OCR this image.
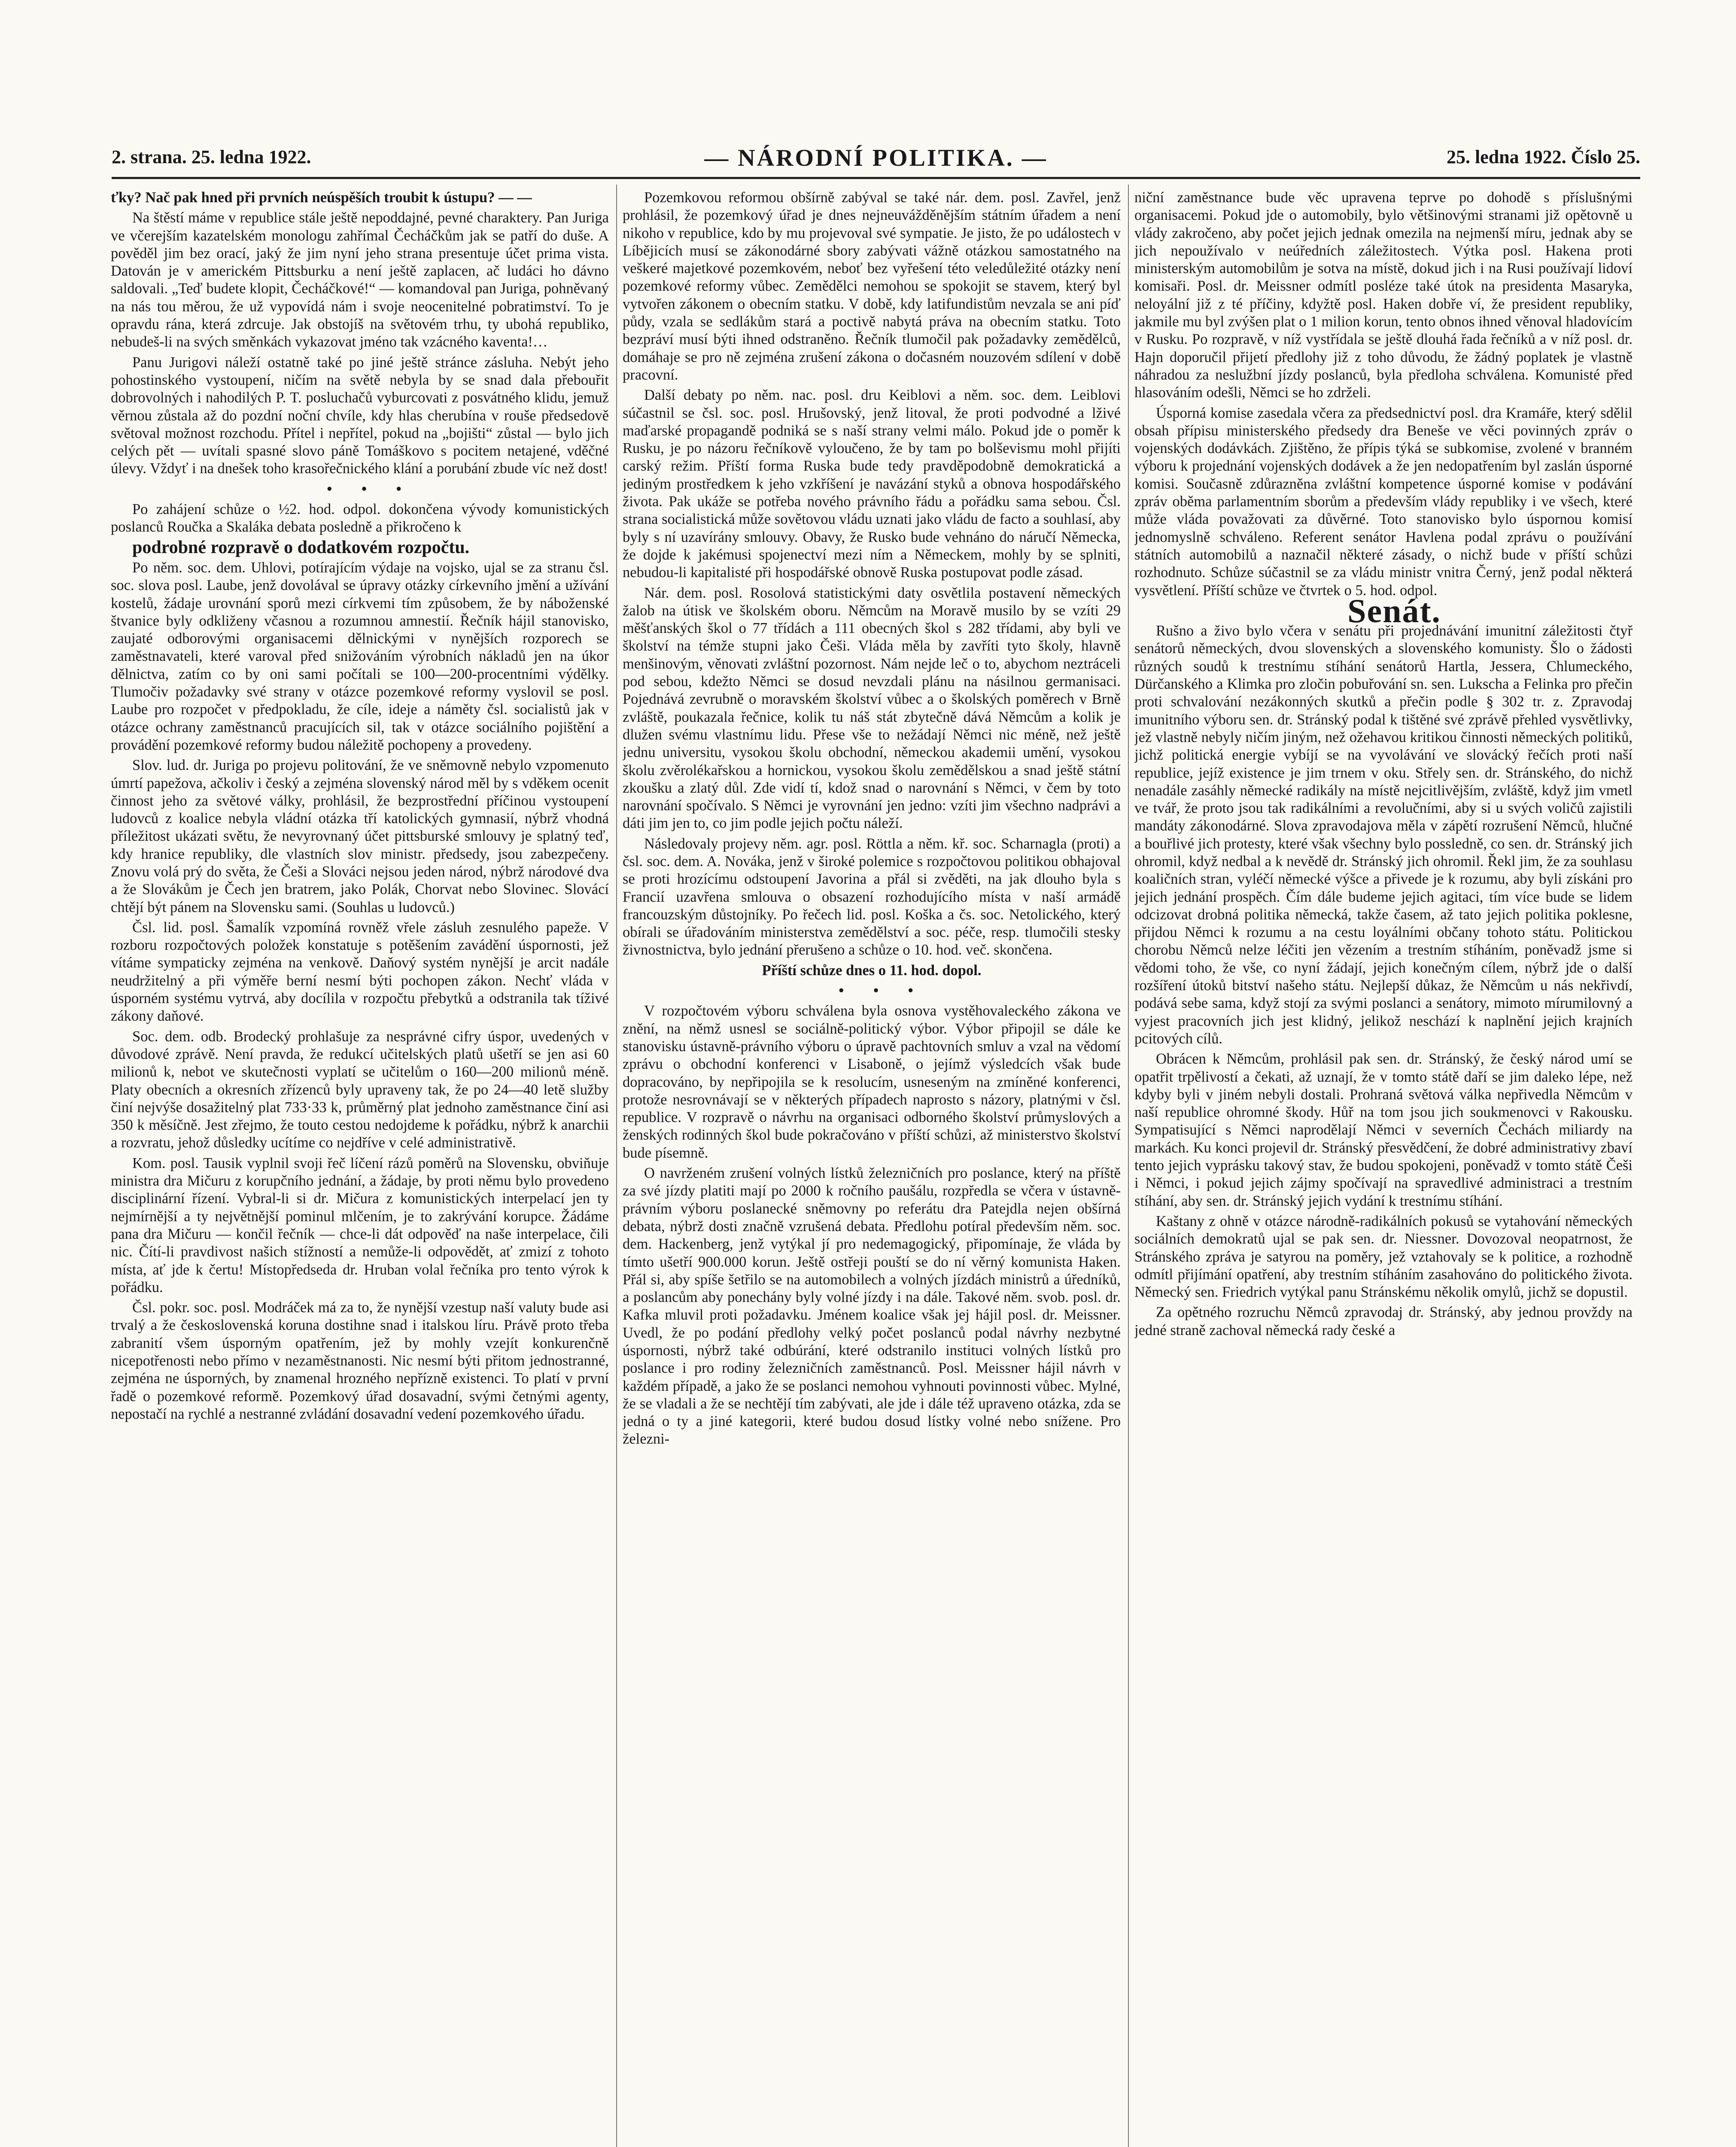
2. strana. 25. ledna 1922.	— NÁRODNÍ POLITIKA. —	25. ledna 1922. Číslo 25.

ťky? Nač pak hned při prvních neúspěších troubit k ústupu? — —

Na štěstí máme v republice stále ještě nepoddajné, pevné charaktery. Pan Juriga ve včerejším kazatelském monologu zahřímal Čecháčkům jak se patří do duše. A pověděl jim bez orací, jaký že jim nyní jeho strana presentuje účet prima vista. Datován je v americkém Pittsburku a není ještě zaplacen, ač ludáci ho dávno saldovali. „Teď budete klopit, Čecháčkové!“ — komandoval pan Juriga, pohněvaný na nás tou měrou, že už vypovídá nám i svoje neocenitelné pobratimství. To je opravdu rána, která zdrcuje. Jak obstojíš na světovém trhu, ty ubohá republiko, nebudeš-li na svých směnkách vykazovat jméno tak vzácného kaventa!…

Panu Jurigovi náleží ostatně také po jiné ještě stránce zásluha. Nebýt jeho pohostinského vystoupení, ničím na světě nebyla by se snad dala přebouřit dobrovolných i nahodilých P. T. posluchačů vyburcovati z posvátného klidu, jemuž věrnou zůstala až do pozdní noční chvíle, kdy hlas cherubína v rouše předsedově světoval možnost rozchodu. Přítel i nepřítel, pokud na „bojišti“ zůstal — bylo jich celých pět — uvítali spasné slovo páně Tomáškovo s pocitem netajené, vděčné úlevy. Vždyť i na dnešek toho krasořečnického klání a porubání zbude víc než dost!

• • •

Po zahájení schůze o ½2. hod. odpol. dokončena vývody komunistických poslanců Roučka a Skaláka debata posledně a přikročeno k

podrobné rozpravě o dodatkovém rozpočtu.

Po něm. soc. dem. Uhlovi, potírajícím výdaje na vojsko, ujal se za stranu čsl. soc. slova posl. Laube, jenž dovolával se úpravy otázky církevního jmění a užívání kostelů, žádaje urovnání sporů mezi církvemi tím způsobem, že by náboženské štvanice byly odkliženy včasnou a rozumnou amnestií. Řečník hájil stanovisko, zaujaté odborovými organisacemi dělnickými v nynějších rozporech se zaměstnavateli, které varoval před snižováním výrobních nákladů jen na úkor dělnictva, zatím co by oni sami počítali se 100—200-procentními výdělky. Tlumočiv požadavky své strany v otázce pozemkové reformy vyslovil se posl. Laube pro rozpočet v předpokladu, že cíle, ideje a náměty čsl. socialistů jak v otázce ochrany zaměstnanců pracujících sil, tak v otázce sociálního pojištění a provádění pozemkové reformy budou náležitě pochopeny a provedeny.

Slov. lud. dr. Juriga po projevu politování, že ve sněmovně nebylo vzpomenuto úmrtí papežova, ačkoliv i český a zejména slovenský národ měl by s vděkem ocenit činnost jeho za světové války, prohlásil, že bezprostřední příčinou vystoupení ludovců z koalice nebyla vládní otázka tří katolických gymnasií, nýbrž vhodná příležitost ukázati světu, že nevyrovnaný účet pittsburské smlouvy je splatný teď, kdy hranice republiky, dle vlastních slov ministr. předsedy, jsou zabezpečeny. Znovu volá prý do světa, že Češi a Slováci nejsou jeden národ, nýbrž národové dva a že Slovákům je Čech jen bratrem, jako Polák, Chorvat nebo Slovinec. Slovácí chtějí být pánem na Slovensku sami. (Souhlas u ludovců.)

Čsl. lid. posl. Šamalík vzpomíná rovněž vřele zásluh zesnulého papeže. V rozboru rozpočtových položek konstatuje s potěšením zavádění úspornosti, jež vítáme sympaticky zejména na venkově. Daňový systém nynější je arcit nadále neudržitelný a při výměře berní nesmí býti pochopen zákon. Nechť vláda v úsporném systému vytrvá, aby docílila v rozpočtu přebytků a odstranila tak tíživé zákony daňové.

Soc. dem. odb. Brodecký prohlašuje za nesprávné cifry úspor, uvedených v důvodové zprávě. Není pravda, že redukcí učitelských platů ušetří se jen asi 60 milionů k, nebot ve skutečnosti vyplatí se učitelům o 160—200 milionů méně. Platy obecních a okresních zřízenců byly upraveny tak, že po 24—40 letě služby činí nejvýše dosažitelný plat 733·33 k, průměrný plat jednoho zaměstnance činí asi 350 k měsíčně. Jest zřejmo, že touto cestou nedojdeme k pořádku, nýbrž k anarchii a rozvratu, jehož důsledky ucítíme co nejdříve v celé administrativě.

Kom. posl. Tausik vyplnil svoji řeč líčení rázů poměrů na Slovensku, obviňuje ministra dra Mičuru z korupčního jednání, a žádaje, by proti němu bylo provedeno disciplinární řízení. Vybral-li si dr. Mičura z komunistických interpelací jen ty nejmírnější a ty největnější pominul mlčením, je to zakrývání korupce. Žádáme pana dra Mičuru — končil řečník — chce-li dát odpověď na naše interpelace, čili nic. Čítí-li pravdivost našich stížností a nemůže-li odpovědět, ať zmizí z tohoto místa, ať jde k čertu! Místopředseda dr. Hruban volal řečníka pro tento výrok k pořádku.

Čsl. pokr. soc. posl. Modráček má za to, že nynější vzestup naší valuty bude asi trvalý a že československá koruna dostihne snad i italskou líru. Právě proto třeba zabranití všem úsporným opatřením, jež by mohly vzejít konkurenčně nicepotřenosti nebo přímo v nezaměstnanosti. Nic nesmí býti přitom jednostranné, zejména ne úsporných, by znamenal hrozného nepřízně existenci. To platí v první řadě o pozemkové reformě. Pozemkový úřad dosavadní, svými četnými agenty, nepostačí na rychlé a nestranné zvládání dosavadní vedení pozemkového úřadu.

Pozemkovou reformou obšírně zabýval se také nár. dem. posl. Zavřel, jenž prohlásil, že pozemkový úřad je dnes nejneuvážděnějším státním úřadem a není nikoho v republice, kdo by mu projevoval své sympatie. Je jisto, že po událostech v Líbějicích musí se zákonodárné sbory zabývati vážně otázkou samostatného na veškeré majetkové pozemkovém, neboť bez vyřešení této veledůležité otázky není pozemkové reformy vůbec. Zemědělci nemohou se spokojit se stavem, který byl vytvořen zákonem o obecním statku. V době, kdy latifundistům nevzala se ani píď půdy, vzala se sedlákům stará a poctivě nabytá práva na obecním statku. Toto bezpráví musí býti ihned odstraněno. Řečník tlumočil pak požadavky zemědělců, domáhaje se pro ně zejména zrušení zákona o dočasném nouzovém sdílení v době pracovní.

Další debaty po něm. nac. posl. dru Keiblovi a něm. soc. dem. Leiblovi súčastnil se čsl. soc. posl. Hrušovský, jenž litoval, že proti podvodné a lživé maďarské propagandě podniká se s naší strany velmi málo. Pokud jde o poměr k Rusku, je po názoru řečníkově vyloučeno, že by tam po bolševismu mohl přijíti carský režim. Příští forma Ruska bude tedy pravděpodobně demokratická a jediným prostředkem k jeho vzkříšení je navázání styků a obnova hospodářského života. Pak ukáže se potřeba nového právního řádu a pořádku sama sebou. Čsl. strana socialistická může sovětovou vládu uznati jako vládu de facto a souhlasí, aby byly s ní uzavírány smlouvy. Obavy, že Rusko bude vehnáno do náručí Německa, že dojde k jakémusi spojenectví mezi ním a Německem, mohly by se splniti, nebudou-li kapitalisté při hospodářské obnově Ruska postupovat podle zásad.

Nár. dem. posl. Rosolová statistickými daty osvětlila postavení německých žalob na útisk ve školském oboru. Němcům na Moravě musilo by se vzíti 29 měšťanských škol o 77 třídách a 111 obecných škol s 282 třídami, aby byli ve školství na témže stupni jako Češi. Vláda měla by zavříti tyto školy, hlavně menšinovým, věnovati zvláštní pozornost. Nám nejde leč o to, abychom neztráceli pod sebou, kdežto Němci se dosud nevzdali plánu na násilnou germanisaci. Pojednává zevrubně o moravském školství vůbec a o školských poměrech v Brně zvláště, poukazala řečnice, kolik tu náš stát zbytečně dává Němcům a kolik je dlužen svému vlastnímu lidu. Přese vše to nežádají Němci nic méně, než ještě jednu universitu, vysokou školu obchodní, německou akademii umění, vysokou školu zvěrolékařskou a hornickou, vysokou školu zemědělskou a snad ještě státní zkoušku a zlatý důl. Zde vidí tí, kdož snad o narovnání s Němci, v čem by toto narovnání spočívalo. S Němci je vyrovnání jen jedno: vzíti jim všechno nadprávi a dáti jim jen to, co jim podle jejich počtu náleží.

Následovaly projevy něm. agr. posl. Röttla a něm. kř. soc. Scharnagla (proti) a čsl. soc. dem. A. Nováka, jenž v široké polemice s rozpočtovou politikou obhajoval se proti hrozícímu odstoupení Javorina a přál si zvěděti, na jak dlouho byla s Francií uzavřena smlouva o obsazení rozhodujícího místa v naší armádě francouzským důstojníky. Po řečech lid. posl. Koška a čs. soc. Netolického, který obírali se úřadováním ministerstva zemědělství a soc. péče, resp. tlumočili stesky živnostnictva, bylo jednání přerušeno a schůze o 10. hod. več. skončena.

Příští schůze dnes o 11. hod. dopol.

• • •

V rozpočtovém výboru schválena byla osnova vystěhovaleckého zákona ve znění, na němž usnesl se sociálně-politický výbor. Výbor připojil se dále ke stanovisku ústavně-právního výboru o úpravě pachtovních smluv a vzal na vědomí zprávu o obchodní konferenci v Lisaboně, o jejímž výsledcích však bude dopracováno, by nepřipojila se k resolucím, usneseným na zmíněné konferenci, protože nesrovnávají se v některých případech naprosto s názory, platnými v čsl. republice. V rozpravě o návrhu na organisaci odborného školství průmyslových a ženských rodinných škol bude pokračováno v příští schůzi, až ministerstvo školství bude písemně.

O navrženém zrušení volných lístků železničních pro poslance, který na příště za své jízdy platiti mají po 2000 k ročního paušálu, rozpředla se včera v ústavně-právním výboru poslanecké sněmovny po referátu dra Patejdla nejen obšírná debata, nýbrž dosti značně vzrušená debata. Předlohu potíral především něm. soc. dem. Hackenberg, jenž vytýkal jí pro nedemagogický, připomínaje, že vláda by tímto ušetří 900.000 korun. Ještě ostřeji pouští se do ní věrný komunista Haken. Přál si, aby spíše šetřilo se na automobilech a volných jízdách ministrů a úředníků, a poslancům aby ponechány byly volné jízdy i na dále. Takové něm. svob. posl. dr. Kafka mluvil proti požadavku. Jménem koalice však jej hájil posl. dr. Meissner. Uvedl, že po podání předlohy velký počet poslanců podal návrhy nezbytné úspornosti, nýbrž také odbúrání, které odstranilo instituci volných lístků pro poslance i pro rodiny železničních zaměstnanců. Posl. Meissner hájil návrh v každém případě, a jako že se poslanci nemohou vyhnouti povinnosti vůbec. Mylné, že se vladali a že se nechtějí tím zabývati, ale jde i dále též upraveno otázka, zda se jedná o ty a jiné kategorii, které budou dosud lístky volné nebo snížene. Pro železni-

niční zaměstnance bude věc upravena teprve po dohodě s příslušnými organisacemi. Pokud jde o automobily, bylo většinovými stranami již opětovně u vlády zakročeno, aby počet jejich jednak omezila na nejmenší míru, jednak aby se jich nepoužívalo v neúředních záležitostech. Výtka posl. Hakena proti ministerským automobilům je sotva na místě, dokud jich i na Rusi používají lidoví komisaři. Posl. dr. Meissner odmítl posléze také útok na presidenta Masaryka, neloyální již z té příčiny, kdyžtě posl. Haken dobře ví, že president republiky, jakmile mu byl zvýšen plat o 1 milion korun, tento obnos ihned věnoval hladovícím v Rusku. Po rozpravě, v níž vystřídala se ještě dlouhá řada řečníků a v níž posl. dr. Hajn doporučil přijetí předlohy již z toho důvodu, že žádný poplatek je vlastně náhradou za neslužbní jízdy poslanců, byla předloha schválena. Komunisté před hlasováním odešli, Němci se ho zdrželi.

Úsporná komise zasedala včera za předsednictví posl. dra Kramáře, který sdělil obsah přípisu ministerského předsedy dra Beneše ve věci povinných zpráv o vojenských dodávkách. Zjištěno, že přípis týká se subkomise, zvolené v branném výboru k projednání vojenských dodávek a že jen nedopatřením byl zaslán úsporné komisi. Současně zdůrazněna zvláštní kompetence úsporné komise v podávání zpráv oběma parlamentním sborům a především vlády republiky i ve všech, které může vláda považovati za důvěrné. Toto stanovisko bylo úspornou komisí jednomyslně schváleno. Referent senátor Havlena podal zprávu o používání státních automobilů a naznačil některé zásady, o nichž bude v příští schůzi rozhodnuto. Schůze súčastnil se za vládu ministr vnitra Černý, jenž podal některá vysvětlení. Příští schůze ve čtvrtek o 5. hod. odpol.

Senát.

Rušno a živo bylo včera v senátu při projednávání imunitní záležitosti čtyř senátorů německých, dvou slovenských a slovenského komunisty. Šlo o žádosti různých soudů k trestnímu stíhání senátorů Hartla, Jessera, Chlumeckého, Dürčanského a Klimka pro zločin pobuřování sn. sen. Lukscha a Felinka pro přečin proti schvalování nezákonných skutků a přečin podle § 302 tr. z. Zpravodaj imunitního výboru sen. dr. Stránský podal k tištěné své zprávě přehled vysvětlivky, jež vlastně nebyly ničím jiným, než ožehavou kritikou činnosti německých politiků, jichž politická energie vybíjí se na vyvolávání ve slovácký řečích proti naší republice, jejíž existence je jim trnem v oku. Střely sen. dr. Stránského, do nichž nenadále zasáhly německé radikály na místě nejcitlivějším, zvláště, když jim vmetl ve tvář, že proto jsou tak radikálními a revolučními, aby si u svých voličů zajistili mandáty zákonodárné. Slova zpravodajova měla v zápětí rozrušení Němců, hlučné a bouřlivé jich protesty, které však všechny bylo possledně, co sen. dr. Stránský jich ohromil, když nedbal a k nevědě dr. Stránský jich ohromil. Řekl jim, že za souhlasu koaličních stran, vyléčí německé výšce a přivede je k rozumu, aby byli získáni pro jejich jednání prospěch. Čím dále budeme jejich agitaci, tím více bude se lidem odcizovat drobná politika německá, takže časem, až tato jejich politika poklesne, přijdou Němci k rozumu a na cestu loyálními občany tohoto státu. Politickou chorobu Němců nelze léčiti jen vězením a trestním stíháním, poněvadž jsme si vědomi toho, že vše, co nyní žádají, jejich konečným cílem, nýbrž jde o další rozšíření útoků bitství našeho státu. Nejlepší důkaz, že Němcům u nás nekřivdí, podává sebe sama, když stojí za svými poslanci a senátory, mimoto mírumilovný a vyjest pracovních jich jest klidný, jelikož neschází k naplnění jejich krajních pcitových cílů.

Obrácen k Němcům, prohlásil pak sen. dr. Stránský, že český národ umí se opatřit trpělivostí a čekati, až uznají, že v tomto státě daří se jim daleko lépe, než kdyby byli v jiném nebyli dostali. Prohraná světová válka nepřivedla Němcům v naší republice ohromné škody. Hůř na tom jsou jich soukmenovci v Rakousku. Sympatisující s Němci naprodělají Němci v severních Čechách miliardy na markách. Ku konci projevil dr. Stránský přesvědčení, že dobré administrativy zbaví tento jejich vyprásku takový stav, že budou spokojeni, poněvadž v tomto státě Češi i Němci, i pokud jejich zájmy spočívají na spravedlivé administraci a trestním stíhání, aby sen. dr. Stránský jejich vydání k trestnímu stíhání.

Kaštany z ohně v otázce národně-radikálních pokusů se vytahování německých sociálních demokratů ujal se pak sen. dr. Niessner. Dovozoval neopatrnost, že Stránského zpráva je satyrou na poměry, jež vztahovaly se k politice, a rozhodně odmítl přijímání opatření, aby trestním stíháním zasahováno do politického života. Německý sen. Friedrich vytýkal panu Stránskému několik omylů, jichž se dopustil.

Za opětného rozruchu Němců zpravodaj dr. Stránský, aby jednou provždy na jedné straně zachoval německá rady české a
